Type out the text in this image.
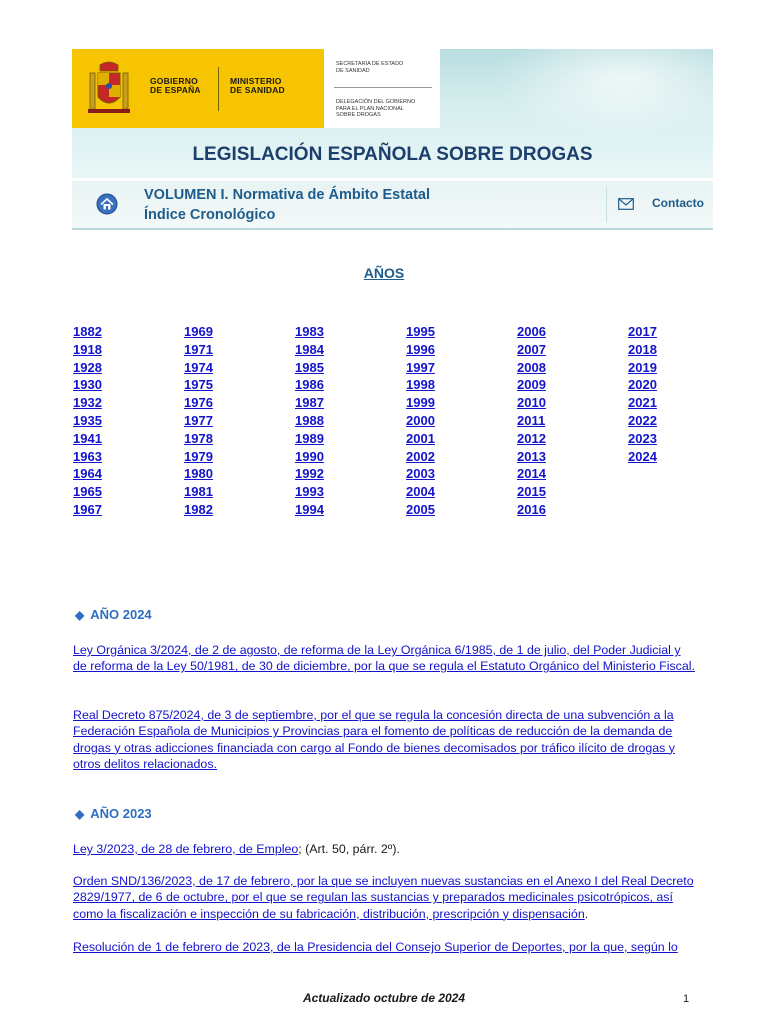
GOBIERNO
DE ESPAÑA
MINISTERIO
DE SANIDAD
SECRETARÍA DE ESTADO
DE SANIDAD
DELEGACIÓN DEL GOBIERNO
PARA EL PLAN NACIONAL
SOBRE DROGAS
LEGISLACIÓN ESPAÑOLA SOBRE DROGAS
VOLUMEN I. Normativa de Ámbito Estatal
Índice Cronológico
Contacto
AÑOS
1882
1918
1928
1930
1932
1935
1941
1963
1964
1965
1967
1969
1971
1974
1975
1976
1977
1978
1979
1980
1981
1982
1983
1984
1985
1986
1987
1988
1989
1990
1992
1993
1994
1995
1996
1997
1998
1999
2000
2001
2002
2003
2004
2005
2006
2007
2008
2009
2010
2011
2012
2013
2014
2015
2016
2017
2018
2019
2020
2021
2022
2023
2024
◆ AÑO 2024
Ley Orgánica 3/2024, de 2 de agosto, de reforma de la Ley Orgánica 6/1985, de 1 de julio, del Poder Judicial y de reforma de la Ley 50/1981, de 30 de diciembre, por la que se regula el Estatuto Orgánico del Ministerio Fiscal.
Real Decreto 875/2024, de 3 de septiembre, por el que se regula la concesión directa de una subvención a la Federación Española de Municipios y Provincias para el fomento de políticas de reducción de la demanda de drogas y otras adicciones financiada con cargo al Fondo de bienes decomisados por tráfico ilícito de drogas y otros delitos relacionados.
◆ AÑO 2023
Ley 3/2023, de 28 de febrero, de Empleo; (Art. 50, párr. 2º).
Orden SND/136/2023, de 17 de febrero, por la que se incluyen nuevas sustancias en el Anexo I del Real Decreto 2829/1977, de 6 de octubre, por el que se regulan las sustancias y preparados medicinales psicotrópicos, así como la fiscalización e inspección de su fabricación, distribución, prescripción y dispensación.
Resolución de 1 de febrero de 2023, de la Presidencia del Consejo Superior de Deportes, por la que, según lo
Actualizado octubre de 2024	1
